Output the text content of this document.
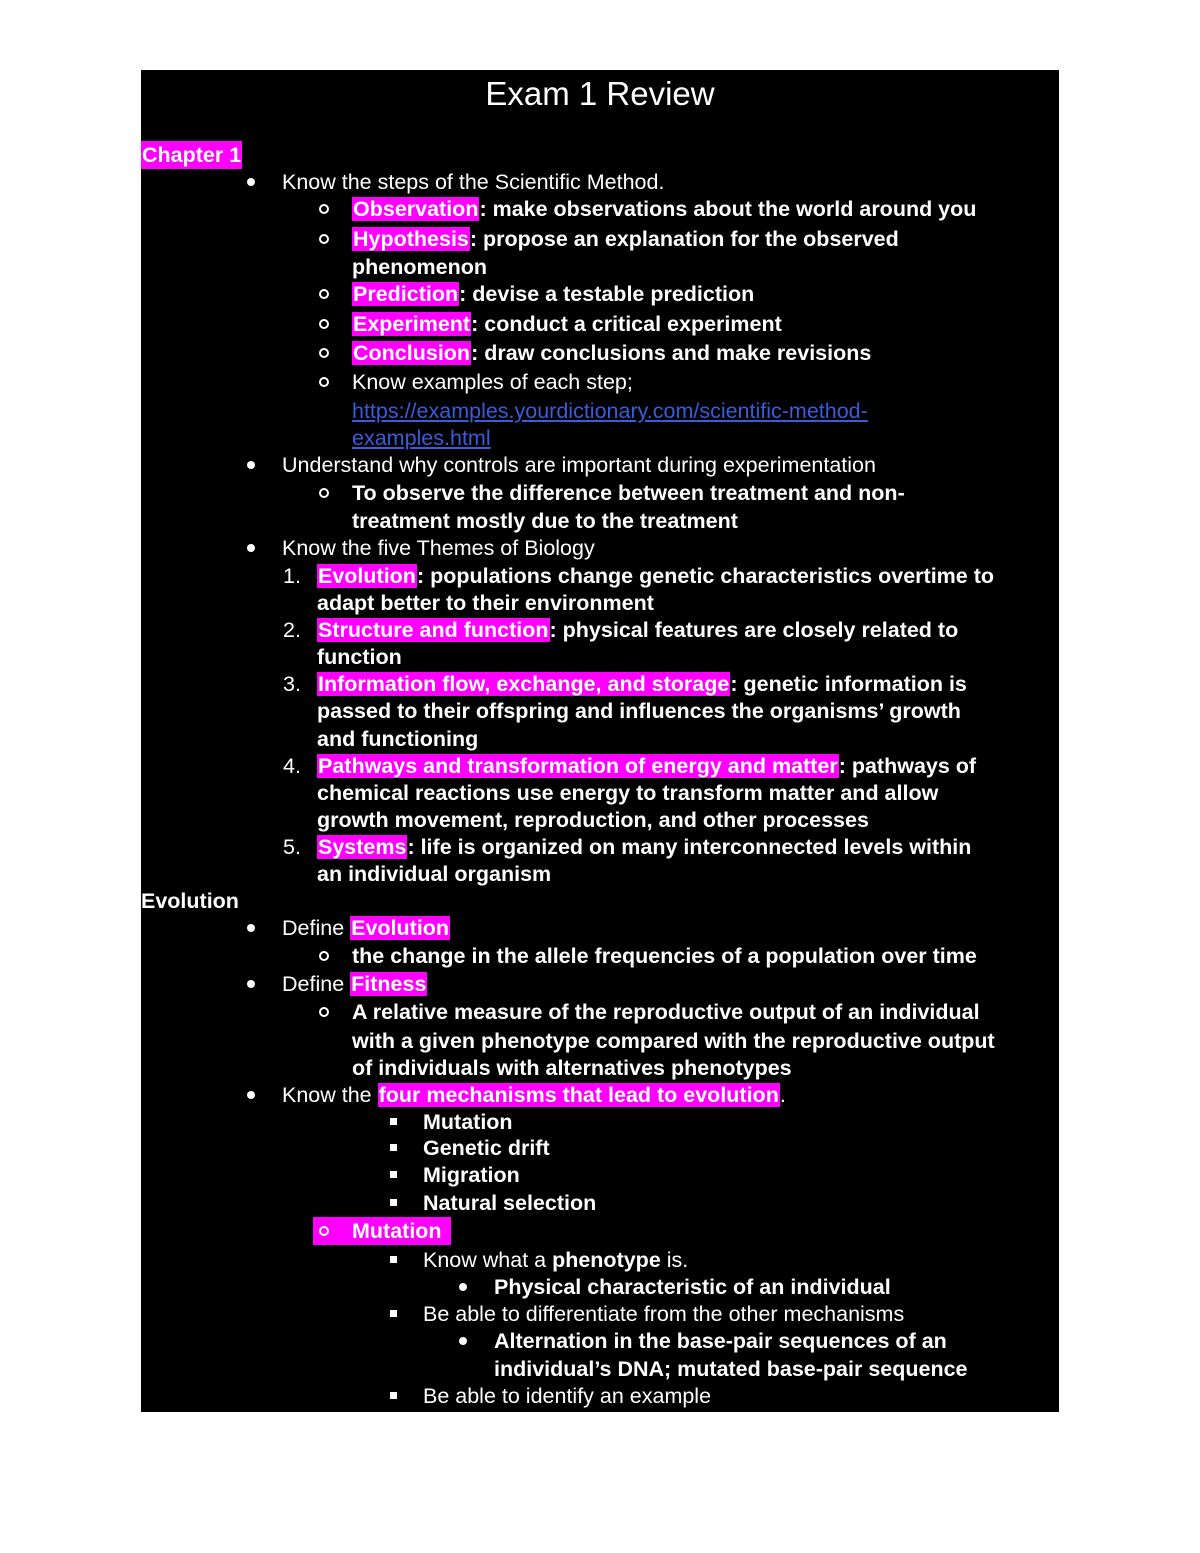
Exam 1 Review
Chapter 1
Know the steps of the Scientific Method.
Observation: make observations about the world around you
Hypothesis: propose an explanation for the observed
phenomenon
Prediction: devise a testable prediction
Experiment: conduct a critical experiment
Conclusion: draw conclusions and make revisions
Know examples of each step;
https://examples.yourdictionary.com/scientific-method-
examples.html
Understand why controls are important during experimentation
To observe the difference between treatment and non-
treatment mostly due to the treatment
Know the five Themes of Biology
1. Evolution: populations change genetic characteristics overtime to
adapt better to their environment
2. Structure and function: physical features are closely related to
function
3. Information flow, exchange, and storage: genetic information is
passed to their offspring and influences the organisms’ growth
and functioning
4. Pathways and transformation of energy and matter: pathways of
chemical reactions use energy to transform matter and allow
growth movement, reproduction, and other processes
5. Systems: life is organized on many interconnected levels within
an individual organism
Evolution
Define Evolution
the change in the allele frequencies of a population over time
Define Fitness
A relative measure of the reproductive output of an individual
with a given phenotype compared with the reproductive output
of individuals with alternatives phenotypes
Know the four mechanisms that lead to evolution.
Mutation
Genetic drift
Migration
Natural selection
Mutation
Know what a phenotype is.
Physical characteristic of an individual
Be able to differentiate from the other mechanisms
Alternation in the base-pair sequences of an
individual’s DNA; mutated base-pair sequence
Be able to identify an example
